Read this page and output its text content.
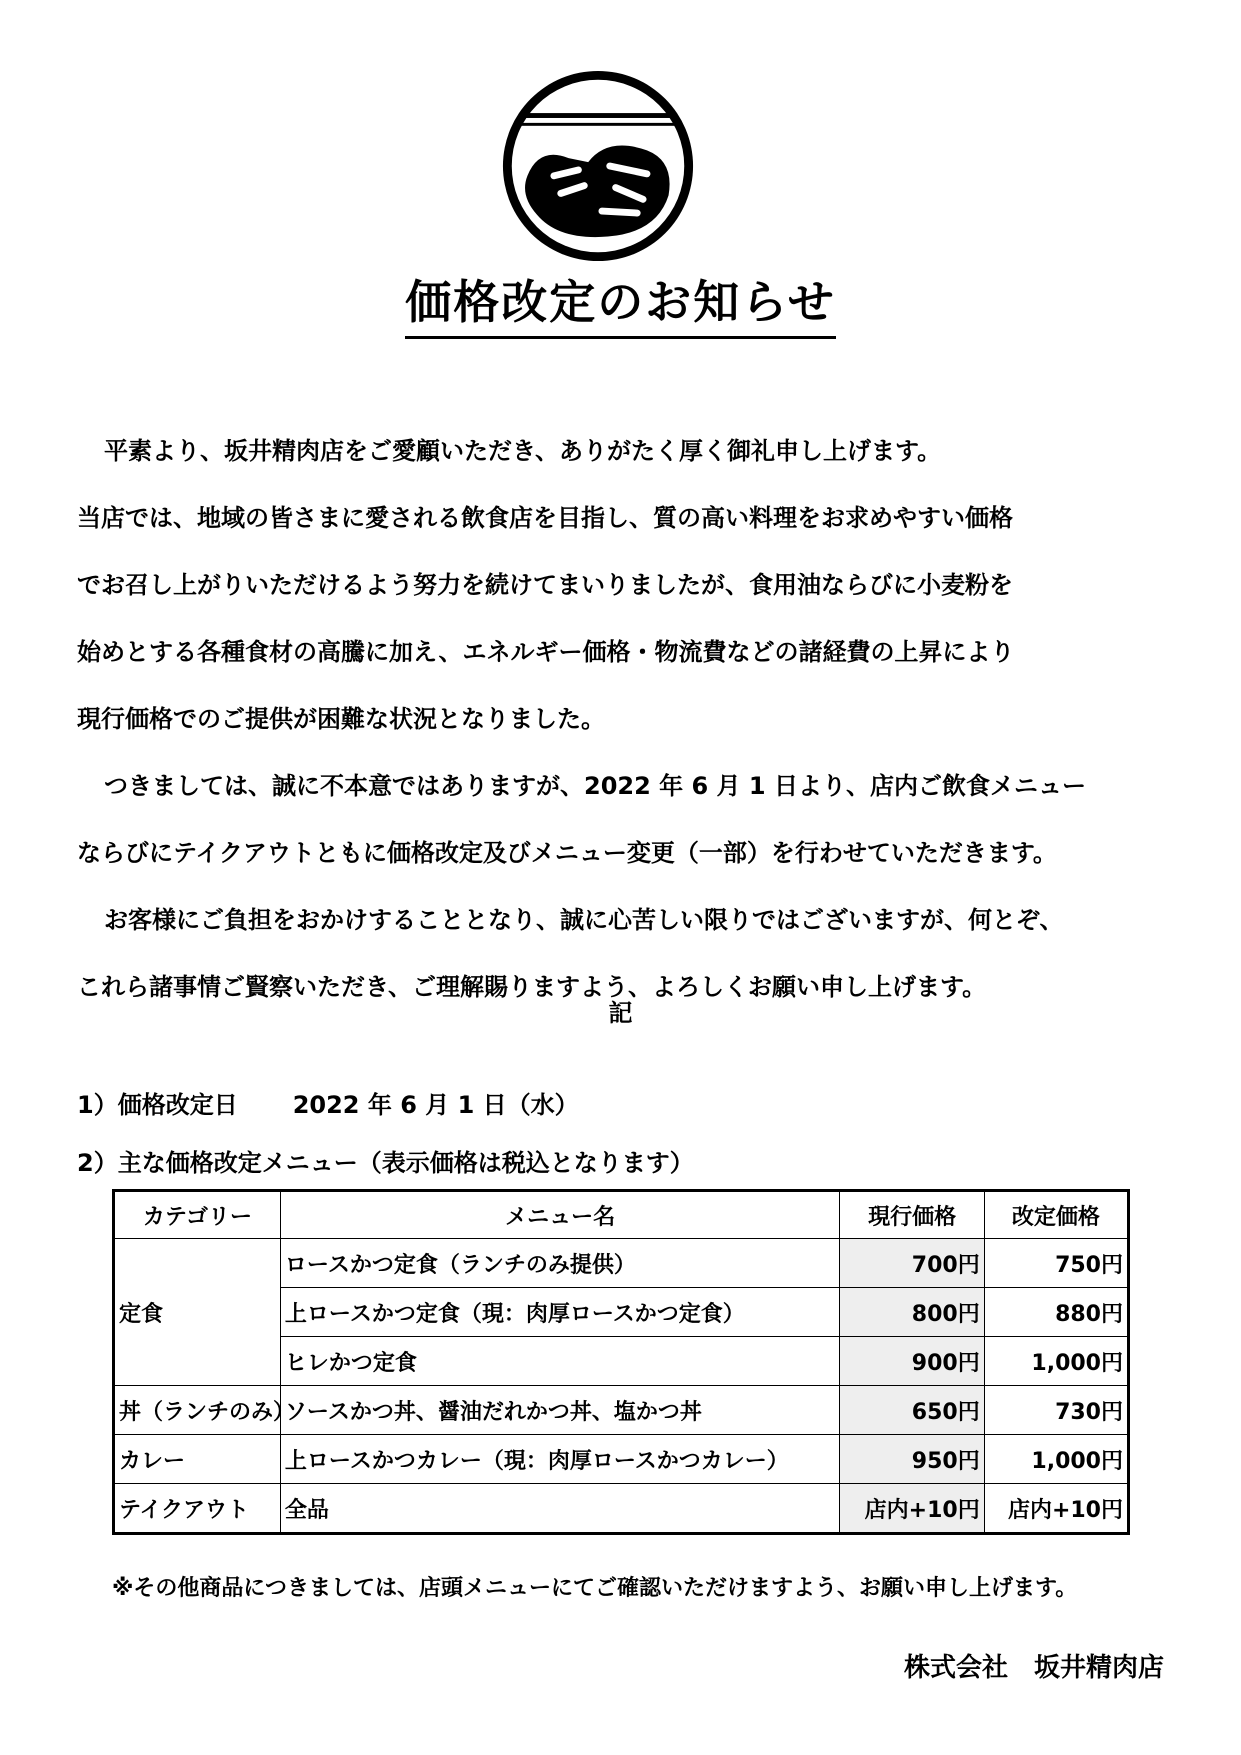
価格改定のお知らせ

平素より、坂井精肉店をご愛顧いただき、ありがたく厚く御礼申し上げます。

当店では、地域の皆さまに愛される飲食店を目指し、質の高い料理をお求めやすい価格

でお召し上がりいただけるよう努力を続けてまいりましたが、食用油ならびに小麦粉を

始めとする各種食材の高騰に加え、エネルギー価格・物流費などの諸経費の上昇により

現行価格でのご提供が困難な状況となりました。

つきましては、誠に不本意ではありますが、2022 年 6 月 1 日より、店内ご飲食メニュー

ならびにテイクアウトともに価格改定及びメニュー変更（一部）を行わせていただきます。

お客様にご負担をおかけすることとなり、誠に心苦しい限りではございますが、何とぞ、

これら諸事情ご賢察いただき、ご理解賜りますよう、よろしくお願い申し上げます。

記
1）価格改定日 2022 年 6 月 1 日（水）
2）主な価格改定メニュー（表示価格は税込となります）
カテゴリー	メニュー名	現行価格	改定価格
定食	ロースかつ定食（ランチのみ提供）	700円	750円
	上ロースかつ定食（現：肉厚ロースかつ定食）	800円	880円
	ヒレかつ定食	900円	1,000円
丼（ランチのみ）	ソースかつ丼、醤油だれかつ丼、塩かつ丼	650円	730円
カレー	上ロースかつカレー（現：肉厚ロースかつカレー）	950円	1,000円
テイクアウト	全品	店内+10円	店内+10円
※その他商品につきましては、店頭メニューにてご確認いただけますよう、お願い申し上げます。
株式会社　坂井精肉店
